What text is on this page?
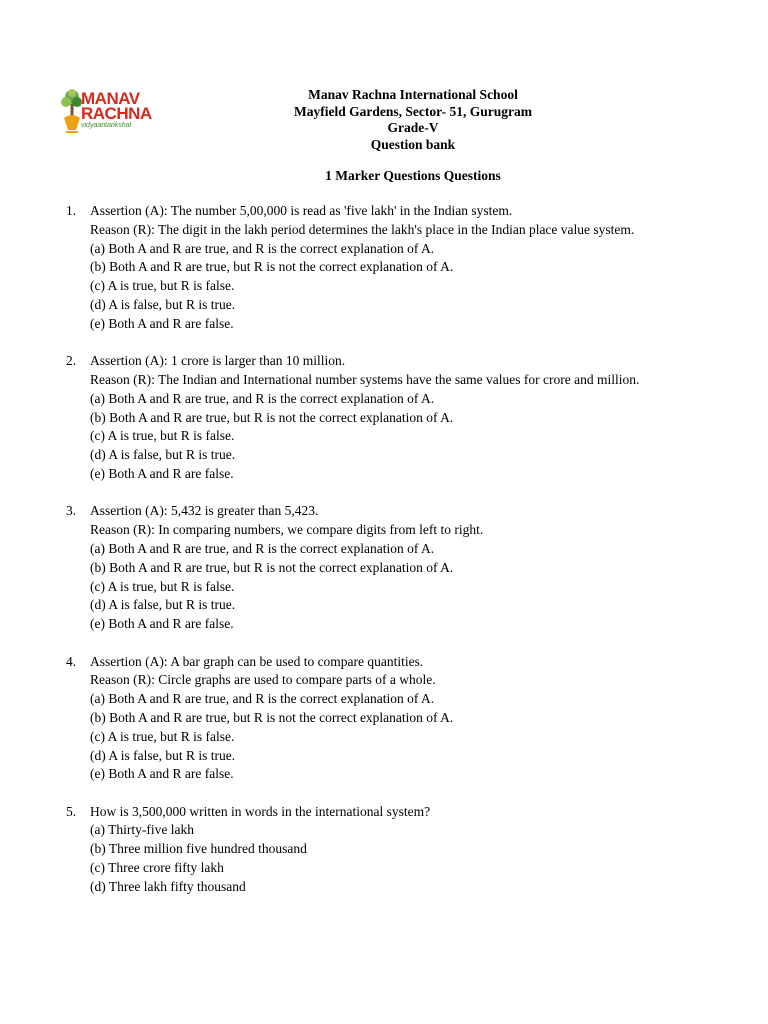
MANAV
RACHNA
vidyaantarikshal
Manav Rachna International School
Mayfield Gardens, Sector- 51, Gurugram
Grade-V
Question bank
1 Marker Questions Questions
1. Assertion (A): The number 5,00,000 is read as 'five lakh' in the Indian system.
Reason (R): The digit in the lakh period determines the lakh's place in the Indian place value system.
(a) Both A and R are true, and R is the correct explanation of A.
(b) Both A and R are true, but R is not the correct explanation of A.
(c) A is true, but R is false.
(d) A is false, but R is true.
(e) Both A and R are false.
2. Assertion (A): 1 crore is larger than 10 million.
Reason (R): The Indian and International number systems have the same values for crore and million.
(a) Both A and R are true, and R is the correct explanation of A.
(b) Both A and R are true, but R is not the correct explanation of A.
(c) A is true, but R is false.
(d) A is false, but R is true.
(e) Both A and R are false.
3. Assertion (A): 5,432 is greater than 5,423.
Reason (R): In comparing numbers, we compare digits from left to right.
(a) Both A and R are true, and R is the correct explanation of A.
(b) Both A and R are true, but R is not the correct explanation of A.
(c) A is true, but R is false.
(d) A is false, but R is true.
(e) Both A and R are false.
4. Assertion (A): A bar graph can be used to compare quantities.
Reason (R): Circle graphs are used to compare parts of a whole.
(a) Both A and R are true, and R is the correct explanation of A.
(b) Both A and R are true, but R is not the correct explanation of A.
(c) A is true, but R is false.
(d) A is false, but R is true.
(e) Both A and R are false.
5. How is 3,500,000 written in words in the international system?
(a) Thirty-five lakh
(b) Three million five hundred thousand
(c) Three crore fifty lakh
(d) Three lakh fifty thousand
